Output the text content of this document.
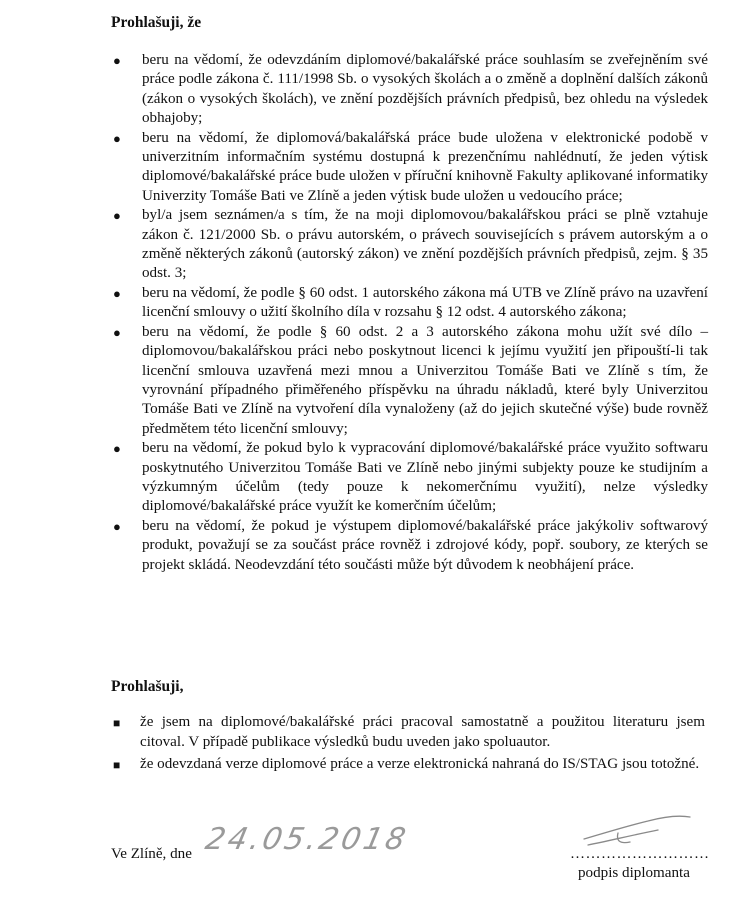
Prohlašuji, že
● beru na vědomí, že odevzdáním diplomové/bakalářské práce souhlasím se zveřejněním své práce podle zákona č. 111/1998 Sb. o vysokých školách a o změně a doplnění dalších zákonů (zákon o vysokých školách), ve znění pozdějších právních předpisů, bez ohledu na výsledek obhajoby;
● beru na vědomí, že diplomová/bakalářská práce bude uložena v elektronické podobě v univerzitním informačním systému dostupná k prezenčnímu nahlédnutí, že jeden výtisk diplomové/bakalářské práce bude uložen v příruční knihovně Fakulty aplikované informatiky Univerzity Tomáše Bati ve Zlíně a jeden výtisk bude uložen u vedoucího práce;
● byl/a jsem seznámen/a s tím, že na moji diplomovou/bakalářskou práci se plně vztahuje zákon č. 121/2000 Sb. o právu autorském, o právech souvisejících s právem autorským a o změně některých zákonů (autorský zákon) ve znění pozdějších právních předpisů, zejm. § 35 odst. 3;
● beru na vědomí, že podle § 60 odst. 1 autorského zákona má UTB ve Zlíně právo na uzavření licenční smlouvy o užití školního díla v rozsahu § 12 odst. 4 autorského zákona;
● beru na vědomí, že podle § 60 odst. 2 a 3 autorského zákona mohu užít své dílo – diplomovou/bakalářskou práci nebo poskytnout licenci k jejímu využití jen připouští-li tak licenční smlouva uzavřená mezi mnou a Univerzitou Tomáše Bati ve Zlíně s tím, že vyrovnání případného přiměřeného příspěvku na úhradu nákladů, které byly Univerzitou Tomáše Bati ve Zlíně na vytvoření díla vynaloženy (až do jejich skutečné výše) bude rovněž předmětem této licenční smlouvy;
● beru na vědomí, že pokud bylo k vypracování diplomové/bakalářské práce využito softwaru poskytnutého Univerzitou Tomáše Bati ve Zlíně nebo jinými subjekty pouze ke studijním a výzkumným účelům (tedy pouze k nekomerčnímu využití), nelze výsledky diplomové/bakalářské práce využít ke komerčním účelům;
● beru na vědomí, že pokud je výstupem diplomové/bakalářské práce jakýkoliv softwarový produkt, považují se za součást práce rovněž i zdrojové kódy, popř. soubory, ze kterých se projekt skládá. Neodevzdání této součásti může být důvodem k neobhájení práce.
Prohlašuji,
■ že jsem na diplomové/bakalářské práci pracoval samostatně a použitou literaturu jsem citoval. V případě publikace výsledků budu uveden jako spoluautor.
■ že odevzdaná verze diplomové práce a verze elektronická nahraná do IS/STAG jsou totožné.
Ve Zlíně, dne 24.05.2018	………………………
podpis diplomanta
